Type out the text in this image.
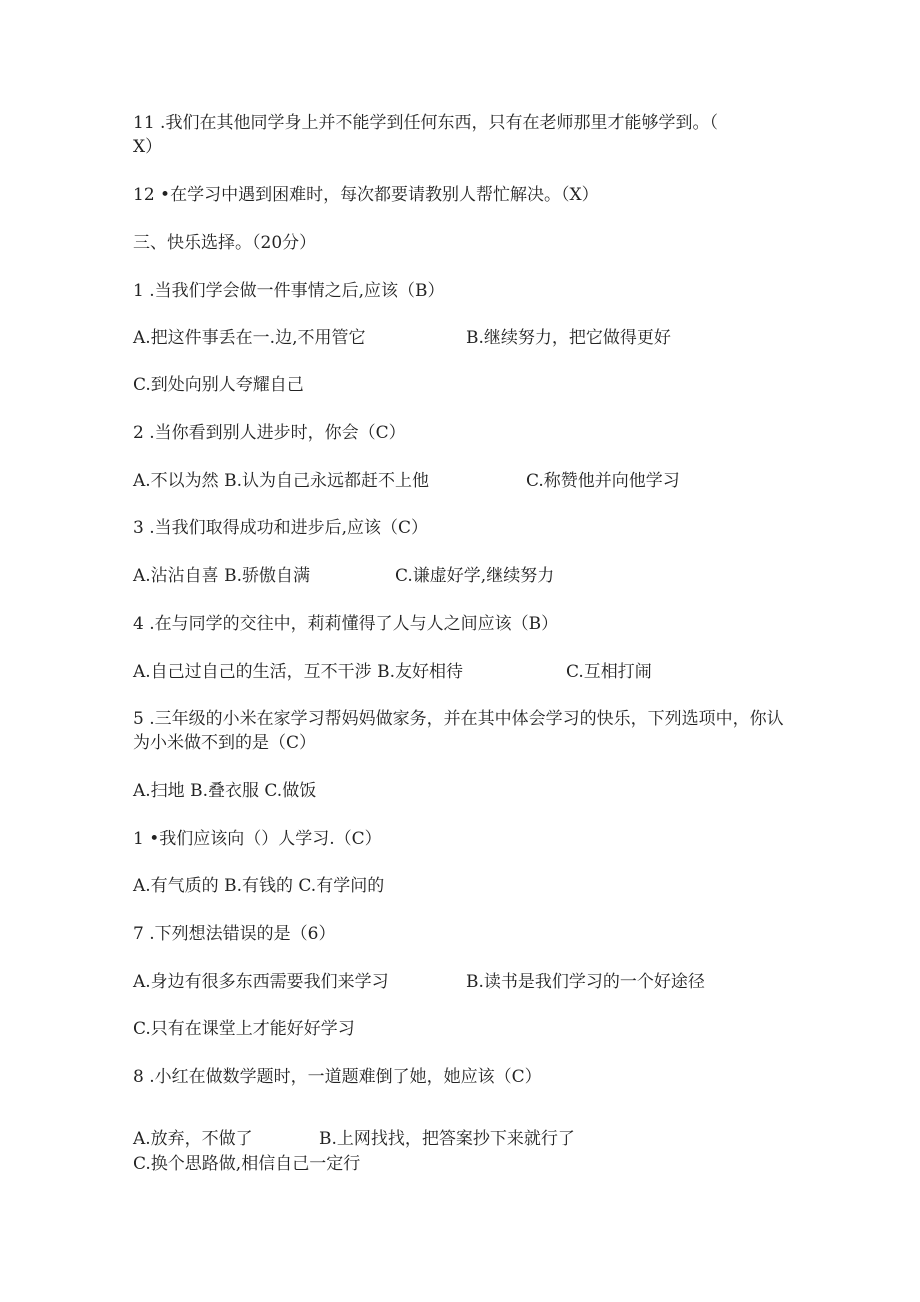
11 .我们在其他同学身上并不能学到任何东西，只有在老师那里才能够学到。（

X）

12 •在学习中遇到困难时，每次都要请教别人帮忙解决。（X）

三、快乐选择。（20分）

1 .当我们学会做一件事情之后,应该（B）

A.把这件事丢在一.边,不用管它	B.继续努力，把它做得更好

C.到处向别人夸耀自己

2 .当你看到别人进步时，你会（C）

A.不以为然 B.认为自己永远都赶不上他	C.称赞他并向他学习

3 .当我们取得成功和进步后,应该（C）

A.沾沾自喜 B.骄傲自满	C.谦虚好学,继续努力

4 .在与同学的交往中，莉莉懂得了人与人之间应该（B）

A.自己过自己的生活，互不干涉 B.友好相待	C.互相打闹

5 .三年级的小米在家学习帮妈妈做家务，并在其中体会学习的快乐，下列选项中，你认为小米做不到的是（C）

A.扫地 B.叠衣服 C.做饭

1 •我们应该向（）人学习.（C）

A.有气质的 B.有钱的 C.有学问的

7 .下列想法错误的是（6）

A.身边有很多东西需要我们来学习	B.读书是我们学习的一个好途径

C.只有在课堂上才能好好学习

8 .小红在做数学题时，一道题难倒了她，她应该（C）

A.放弃，不做了	B.上网找找，把答案抄下来就行了

C.换个思路做,相信自己一定行
